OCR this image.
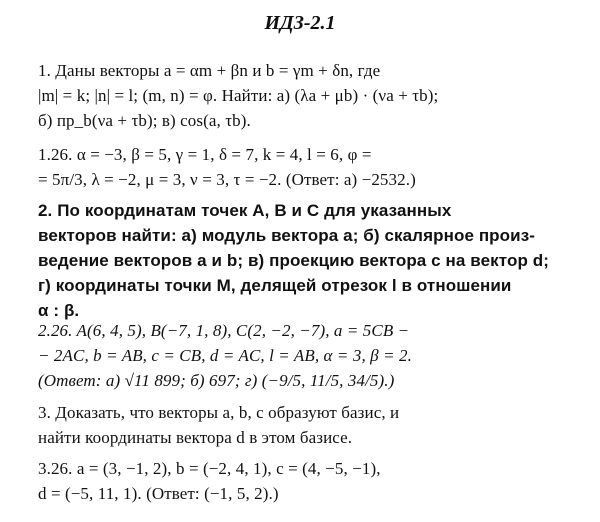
ИДЗ-2.1
1. Даны векторы a = αm + βn и b = γm + δn, где
|m| = k; |n| = l; (m, n) = φ. Найти: а) (λa + μb) · (νa + τb);
б) пр_b(νa + τb); в) cos(a, τb).
1.26. α = −3, β = 5, γ = 1, δ = 7, k = 4, l = 6, φ =
= 5π/3, λ = −2, μ = 3, ν = 3, τ = −2. (Ответ: а) −2532.)
2. По координатам точек A, B и C для указанных
векторов найти: а) модуль вектора a; б) скалярное произ-
ведение векторов a и b; в) проекцию вектора c на вектор d;
г) координаты точки M, делящей отрезок l в отношении
α : β.
2.26. A(6, 4, 5), B(−7, 1, 8), C(2, −2, −7), a = 5CB −
− 2AC, b = AB, c = CB, d = AC, l = AB, α = 3, β = 2.
(Ответ: а) √11 899; б) 697; г) (−9/5, 11/5, 34/5).)
3. Доказать, что векторы a, b, c образуют базис, и
найти координаты вектора d в этом базисе.
3.26. a = (3, −1, 2), b = (−2, 4, 1), c = (4, −5, −1),
d = (−5, 11, 1). (Ответ: (−1, 5, 2).)
